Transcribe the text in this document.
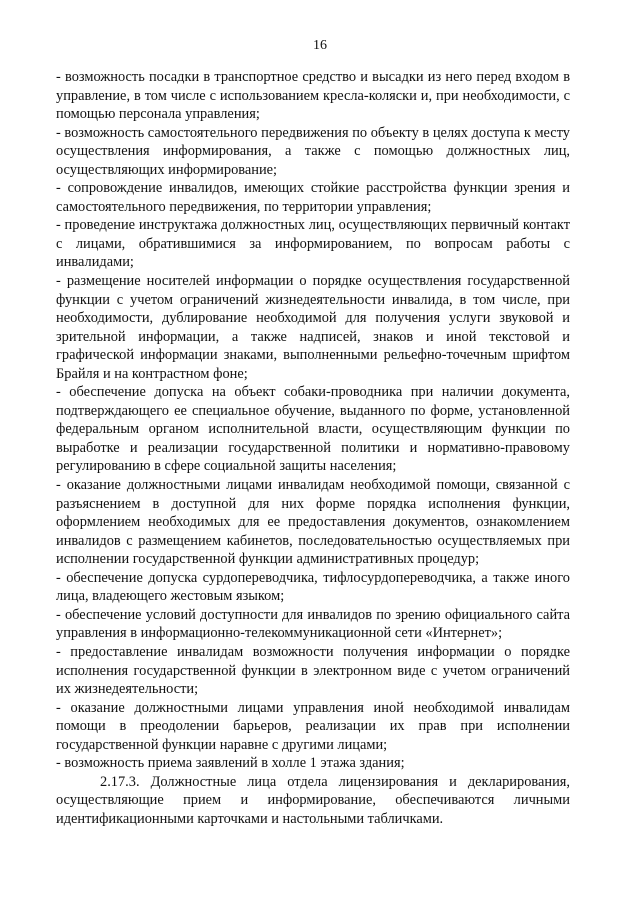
16

- возможность посадки в транспортное средство и высадки из него перед входом в управление, в том числе с использованием кресла-коляски и, при необходимости, с помощью персонала управления;

- возможность самостоятельного передвижения по объекту в целях доступа к месту осуществления информирования, а также с помощью должностных лиц, осуществляющих информирование;

- сопровождение инвалидов, имеющих стойкие расстройства функции зрения и самостоятельного передвижения, по территории управления;

- проведение инструктажа должностных лиц, осуществляющих первичный контакт с лицами, обратившимися за информированием, по вопросам работы с инвалидами;

- размещение носителей информации о порядке осуществления государственной функции с учетом ограничений жизнедеятельности инвалида, в том числе, при необходимости, дублирование необходимой для получения услуги звуковой и зрительной информации, а также надписей, знаков и иной текстовой и графической информации знаками, выполненными рельефно-точечным шрифтом Брайля и на контрастном фоне;

- обеспечение допуска на объект собаки-проводника при наличии документа, подтверждающего ее специальное обучение, выданного по форме, установленной федеральным органом исполнительной власти, осуществляющим функции по выработке и реализации государственной политики и нормативно-правовому регулированию в сфере социальной защиты населения;

- оказание должностными лицами инвалидам необходимой помощи, связанной с разъяснением в доступной для них форме порядка исполнения функции, оформлением необходимых для ее предоставления документов, ознакомлением инвалидов с размещением кабинетов, последовательностью осуществляемых при исполнении государственной функции административных процедур;

- обеспечение допуска сурдопереводчика, тифлосурдопереводчика, а также иного лица, владеющего жестовым языком;

- обеспечение условий доступности для инвалидов по зрению официального сайта управления в информационно-телекоммуникационной сети «Интернет»;

- предоставление инвалидам возможности получения информации о порядке исполнения государственной функции в электронном виде с учетом ограничений их жизнедеятельности;

- оказание должностными лицами управления иной необходимой инвалидам помощи в преодолении барьеров, реализации их прав при исполнении государственной функции наравне с другими лицами;

- возможность приема заявлений в холле 1 этажа здания;

2.17.3. Должностные лица отдела лицензирования и декларирования, осуществляющие прием и информирование, обеспечиваются личными идентификационными карточками и настольными табличками.
